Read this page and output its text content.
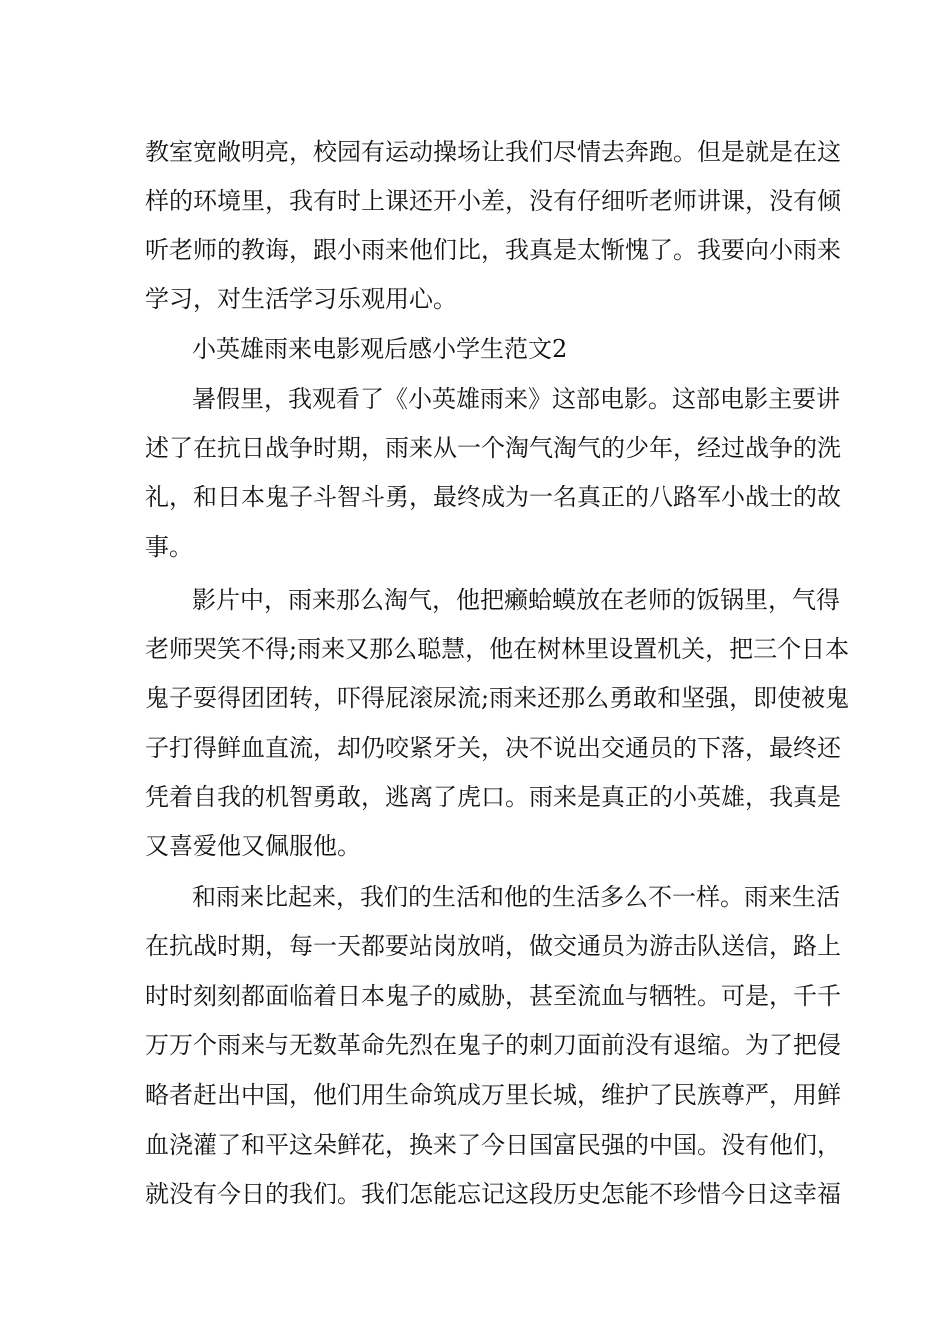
教室宽敞明亮，校园有运动操场让我们尽情去奔跑。但是就是在这
样的环境里，我有时上课还开小差，没有仔细听老师讲课，没有倾
听老师的教诲，跟小雨来他们比，我真是太惭愧了。我要向小雨来
学习，对生活学习乐观用心。
小英雄雨来电影观后感小学生范文2
暑假里，我观看了《小英雄雨来》这部电影。这部电影主要讲
述了在抗日战争时期，雨来从一个淘气淘气的少年，经过战争的洗
礼，和日本鬼子斗智斗勇，最终成为一名真正的八路军小战士的故
事。
影片中，雨来那么淘气，他把癞蛤蟆放在老师的饭锅里，气得
老师哭笑不得;雨来又那么聪慧，他在树林里设置机关，把三个日本
鬼子耍得团团转，吓得屁滚尿流;雨来还那么勇敢和坚强，即使被鬼
子打得鲜血直流，却仍咬紧牙关，决不说出交通员的下落，最终还
凭着自我的机智勇敢，逃离了虎口。雨来是真正的小英雄，我真是
又喜爱他又佩服他。
和雨来比起来，我们的生活和他的生活多么不一样。雨来生活
在抗战时期，每一天都要站岗放哨，做交通员为游击队送信，路上
时时刻刻都面临着日本鬼子的威胁，甚至流血与牺牲。可是，千千
万万个雨来与无数革命先烈在鬼子的刺刀面前没有退缩。为了把侵
略者赶出中国，他们用生命筑成万里长城，维护了民族尊严，用鲜
血浇灌了和平这朵鲜花，换来了今日国富民强的中国。没有他们，
就没有今日的我们。我们怎能忘记这段历史怎能不珍惜今日这幸福
